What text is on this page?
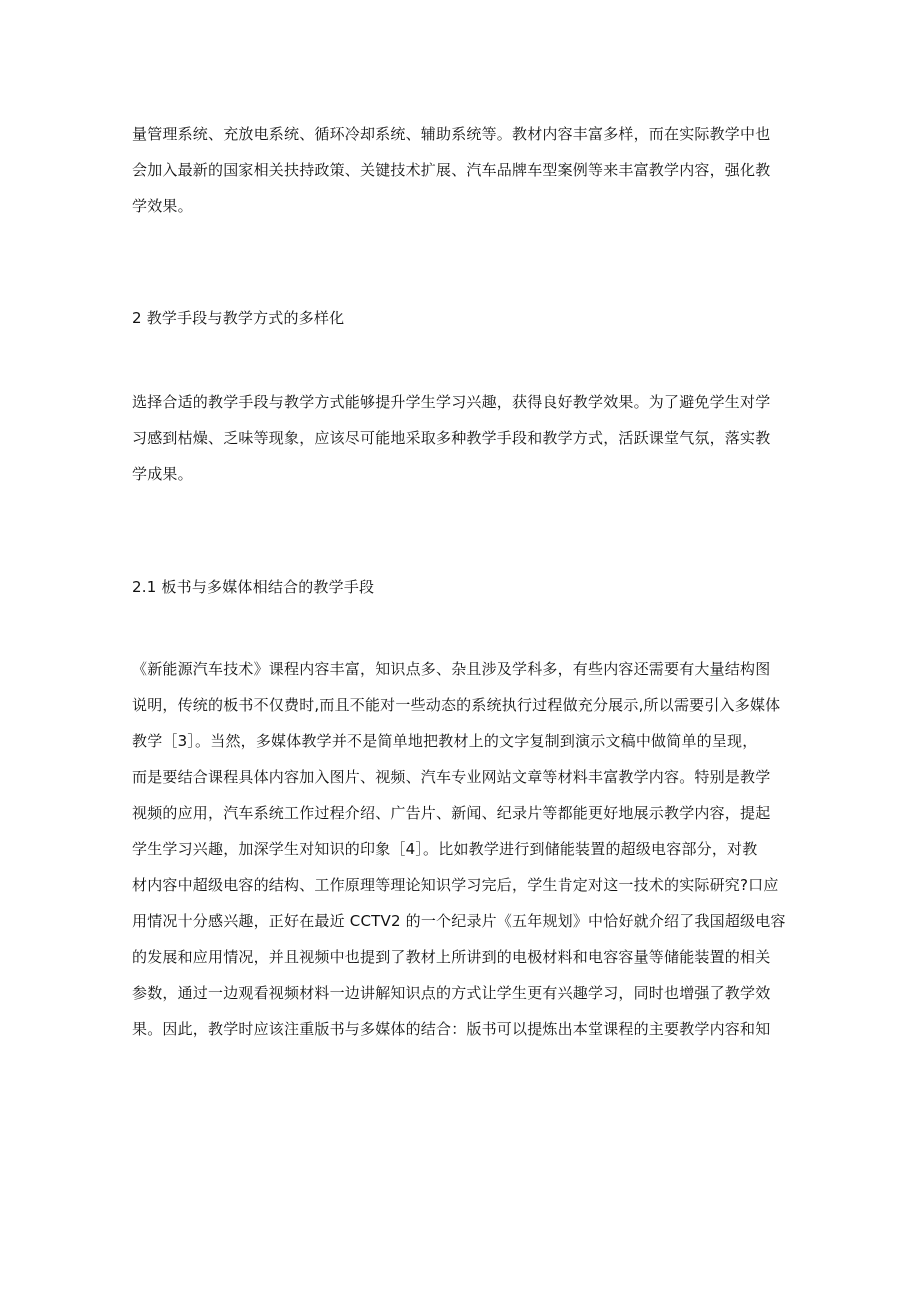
量管理系统、充放电系统、循环冷却系统、辅助系统等。教材内容丰富多样，而在实际教学中也
会加入最新的国家相关扶持政策、关键技术扩展、汽车品牌车型案例等来丰富教学内容，强化教
学效果。
2 教学手段与教学方式的多样化
选择合适的教学手段与教学方式能够提升学生学习兴趣，获得良好教学效果。为了避免学生对学
习感到枯燥、乏味等现象，应该尽可能地采取多种教学手段和教学方式，活跃课堂气氛，落实教
学成果。
2.1 板书与多媒体相结合的教学手段
《新能源汽车技术》课程内容丰富，知识点多、杂且涉及学科多，有些内容还需要有大量结构图
说明，传统的板书不仅费时,而且不能对一些动态的系统执行过程做充分展示,所以需要引入多媒体
教学［3］。当然，多媒体教学并不是简单地把教材上的文字复制到演示文稿中做简单的呈现，
而是要结合课程具体内容加入图片、视频、汽车专业网站文章等材料丰富教学内容。特别是教学
视频的应用，汽车系统工作过程介绍、广告片、新闻、纪录片等都能更好地展示教学内容，提起
学生学习兴趣，加深学生对知识的印象［4］。比如教学进行到储能装置的超级电容部分，对教
材内容中超级电容的结构、工作原理等理论知识学习完后，学生肯定对这一技术的实际研究?口应
用情况十分感兴趣，正好在最近 CCTV2 的一个纪录片《五年规划》中恰好就介绍了我国超级电容
的发展和应用情况，并且视频中也提到了教材上所讲到的电极材料和电容容量等储能装置的相关
参数，通过一边观看视频材料一边讲解知识点的方式让学生更有兴趣学习，同时也增强了教学效
果。因此，教学时应该注重版书与多媒体的结合：版书可以提炼出本堂课程的主要教学内容和知
